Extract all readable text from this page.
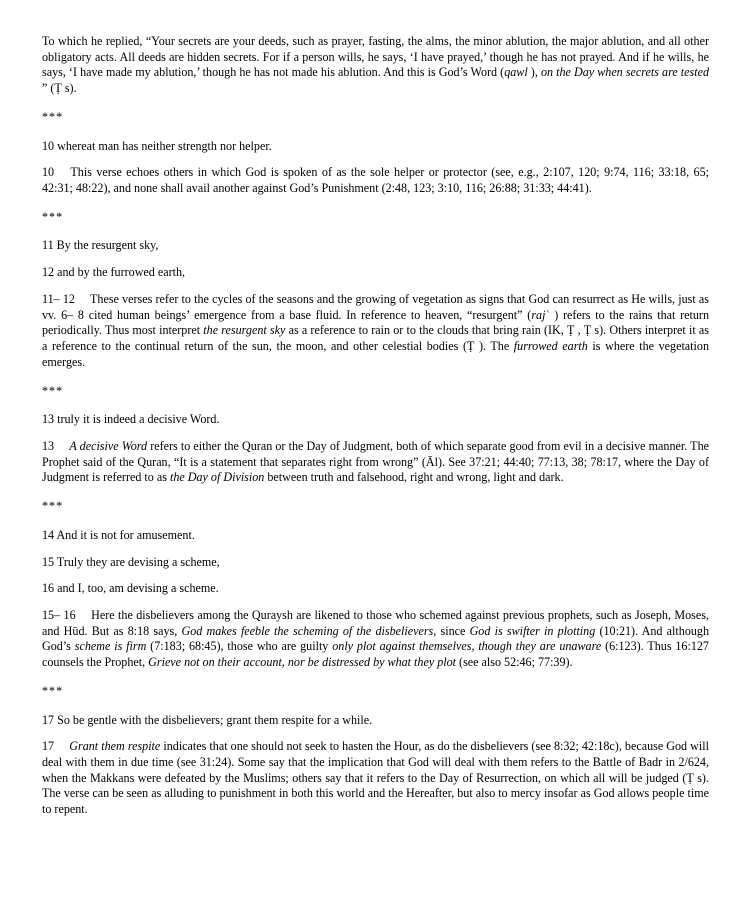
To which he replied, “Your secrets are your deeds, such as prayer, fasting, the alms, the minor ablution, the major ablution, and all other obligatory acts. All deeds are hidden secrets. For if a person wills, he says, ‘I have prayed,’ though he has not prayed. And if he wills, he says, ‘I have made my ablution,’ though he has not made his ablution. And this is God’s Word (qawl ), on the Day when secrets are tested ” (Ṭ s).

***

10 whereat man has neither strength nor helper.

10  This verse echoes others in which God is spoken of as the sole helper or protector (see, e.g., 2:107, 120; 9:74, 116; 33:18, 65; 42:31; 48:22), and none shall avail another against God’s Punishment (2:48, 123; 3:10, 116; 26:88; 31:33; 44:41).

***

11 By the resurgent sky,

12 and by the furrowed earth,

11– 12  These verses refer to the cycles of the seasons and the growing of vegetation as signs that God can resurrect as He wills, just as vv. 6– 8 cited human beings’ emergence from a base fluid. In reference to heaven, “resurgent” (rajʿ ) refers to the rains that return periodically. Thus most interpret the resurgent sky as a reference to rain or to the clouds that bring rain (IK, Ṭ , Ṭ s). Others interpret it as a reference to the continual return of the sun, the moon, and other celestial bodies (Ṭ ). The furrowed earth is where the vegetation emerges.

***

13 truly it is indeed a decisive Word.

13  A decisive Word refers to either the Quran or the Day of Judgment, both of which separate good from evil in a decisive manner. The Prophet said of the Quran, “It is a statement that separates right from wrong” (Āl). See 37:21; 44:40; 77:13, 38; 78:17, where the Day of Judgment is referred to as the Day of Division between truth and falsehood, right and wrong, light and dark.

***

14 And it is not for amusement.

15 Truly they are devising a scheme,

16 and I, too, am devising a scheme.

15– 16  Here the disbelievers among the Quraysh are likened to those who schemed against previous prophets, such as Joseph, Moses, and Hūd. But as 8:18 says, God makes feeble the scheming of the disbelievers, since God is swifter in plotting (10:21). And although God’s scheme is firm (7:183; 68:45), those who are guilty only plot against themselves, though they are unaware (6:123). Thus 16:127 counsels the Prophet, Grieve not on their account, nor be distressed by what they plot (see also 52:46; 77:39).

***

17 So be gentle with the disbelievers; grant them respite for a while.

17  Grant them respite indicates that one should not seek to hasten the Hour, as do the disbelievers (see 8:32; 42:18c), because God will deal with them in due time (see 31:24). Some say that the implication that God will deal with them refers to the Battle of Badr in 2/624, when the Makkans were defeated by the Muslims; others say that it refers to the Day of Resurrection, on which all will be judged (Ṭ s). The verse can be seen as alluding to punishment in both this world and the Hereafter, but also to mercy insofar as God allows people time to repent.
